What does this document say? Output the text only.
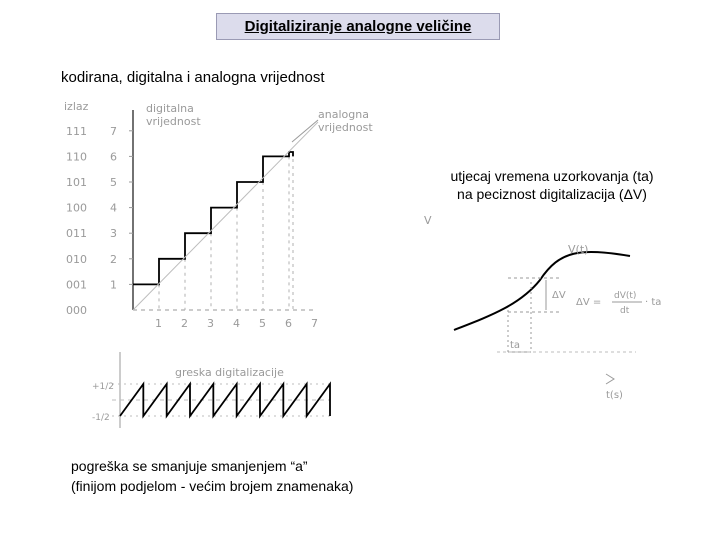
Digitaliziranje analogne veličine
kodirana, digitalna i analogna vrijednost
utjecaj vremena uzorkovanja (ta)
na peciznost digitalizacija (ΔV)
pogreška se smanjuje smanjenjem “a”
(finijom podjelom - većim brojem znamenaka)
izlaz	digitalna
vrijednost
111
110
101
100
011
010
001
000
7
6
5
4
3
2
1
1 2 3 4 5 6 7
analogna
vrijednost
greska digitalizacije
+1/2
-1/2
V
V(t)
ΔV
ta
t(s)
ΔV =
dV(t)
dt
· ta
